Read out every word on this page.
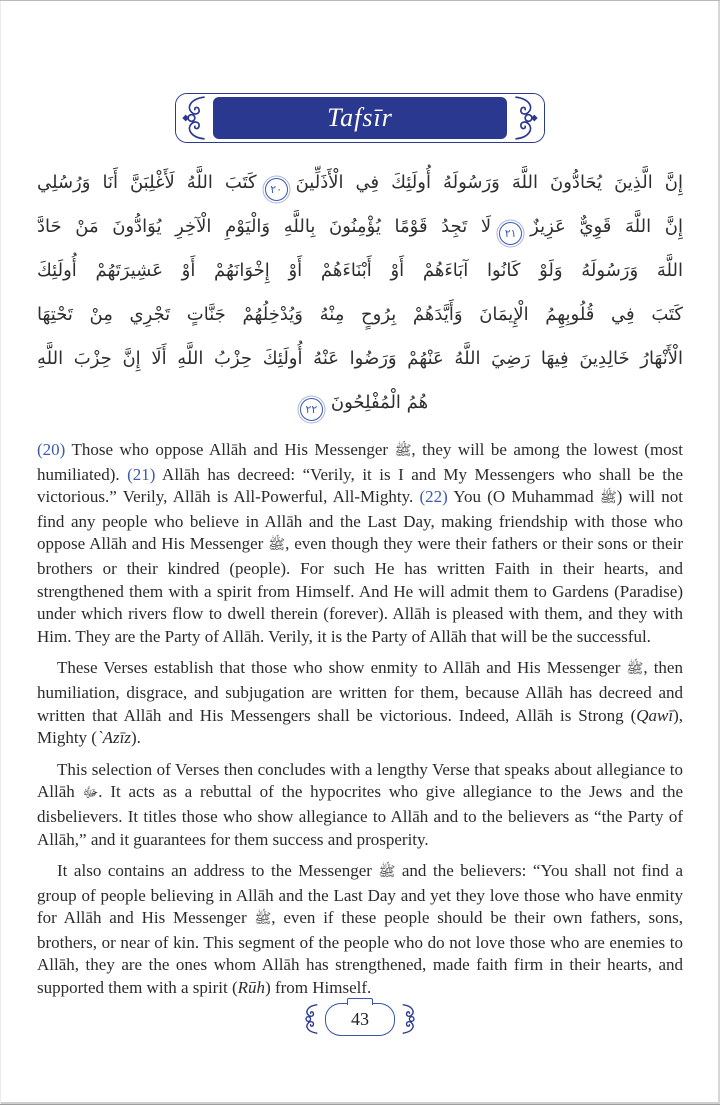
Tafsīr

إِنَّ الَّذِينَ يُحَادُّونَ اللَّهَ وَرَسُولَهُ أُولَئِكَ فِي الْأَذَلِّينَ٢٠كَتَبَ اللَّهُ لَأَغْلِبَنَّ أَنَا وَرُسُلِي

إِنَّ اللَّهَ قَوِيٌّ عَزِيزٌ٢١لَا تَجِدُ قَوْمًا يُؤْمِنُونَ بِاللَّهِ وَالْيَوْمِ الْآخِرِ يُوَادُّونَ مَنْ حَادَّ

اللَّهَ وَرَسُولَهُ وَلَوْ كَانُوا آبَاءَهُمْ أَوْ أَبْنَاءَهُمْ أَوْ إِخْوَانَهُمْ أَوْ عَشِيرَتَهُمْ أُولَئِكَ

كَتَبَ فِي قُلُوبِهِمُ الْإِيمَانَ وَأَيَّدَهُمْ بِرُوحٍ مِنْهُ وَيُدْخِلُهُمْ جَنَّاتٍ تَجْرِي مِنْ تَحْتِهَا

الْأَنْهَارُ خَالِدِينَ فِيهَا رَضِيَ اللَّهُ عَنْهُمْ وَرَضُوا عَنْهُ أُولَئِكَ حِزْبُ اللَّهِ أَلَا إِنَّ حِزْبَ اللَّهِ

هُمُ الْمُفْلِحُونَ٢٢

(20) Those who oppose Allāh and His Messenger ﷺ, they will be among the lowest (most humiliated). (21) Allāh has decreed: “Verily, it is I and My Messengers who shall be the victorious.” Verily, Allāh is All-Powerful, All-Mighty. (22) You (O Muhammad ﷺ) will not find any people who believe in Allāh and the Last Day, making friendship with those who oppose Allāh and His Messenger ﷺ, even though they were their fathers or their sons or their brothers or their kindred (people). For such He has written Faith in their hearts, and strengthened them with a spirit from Himself. And He will admit them to Gardens (Paradise) under which rivers flow to dwell therein (forever). Allāh is pleased with them, and they with Him. They are the Party of Allāh. Verily, it is the Party of Allāh that will be the successful.

These Verses establish that those who show enmity to Allāh and His Messenger ﷺ, then humiliation, disgrace, and subjugation are written for them, because Allāh has decreed and written that Allāh and His Messengers shall be victorious. Indeed, Allāh is Strong (Qawī), Mighty (`Azīz).

This selection of Verses then concludes with a lengthy Verse that speaks about allegiance to Allāh ﷻ. It acts as a rebuttal of the hypocrites who give allegiance to the Jews and the disbelievers. It titles those who show allegiance to Allāh and to the believers as “the Party of Allāh,” and it guarantees for them success and prosperity.

It also contains an address to the Messenger ﷺ and the believers: “You shall not find a group of people believing in Allāh and the Last Day and yet they love those who have enmity for Allāh and His Messenger ﷺ, even if these people should be their own fathers, sons, brothers, or near of kin. This segment of the people who do not love those who are enemies to Allāh, they are the ones whom Allāh has strengthened, made faith firm in their hearts, and supported them with a spirit (Rūh) from Himself.

43
